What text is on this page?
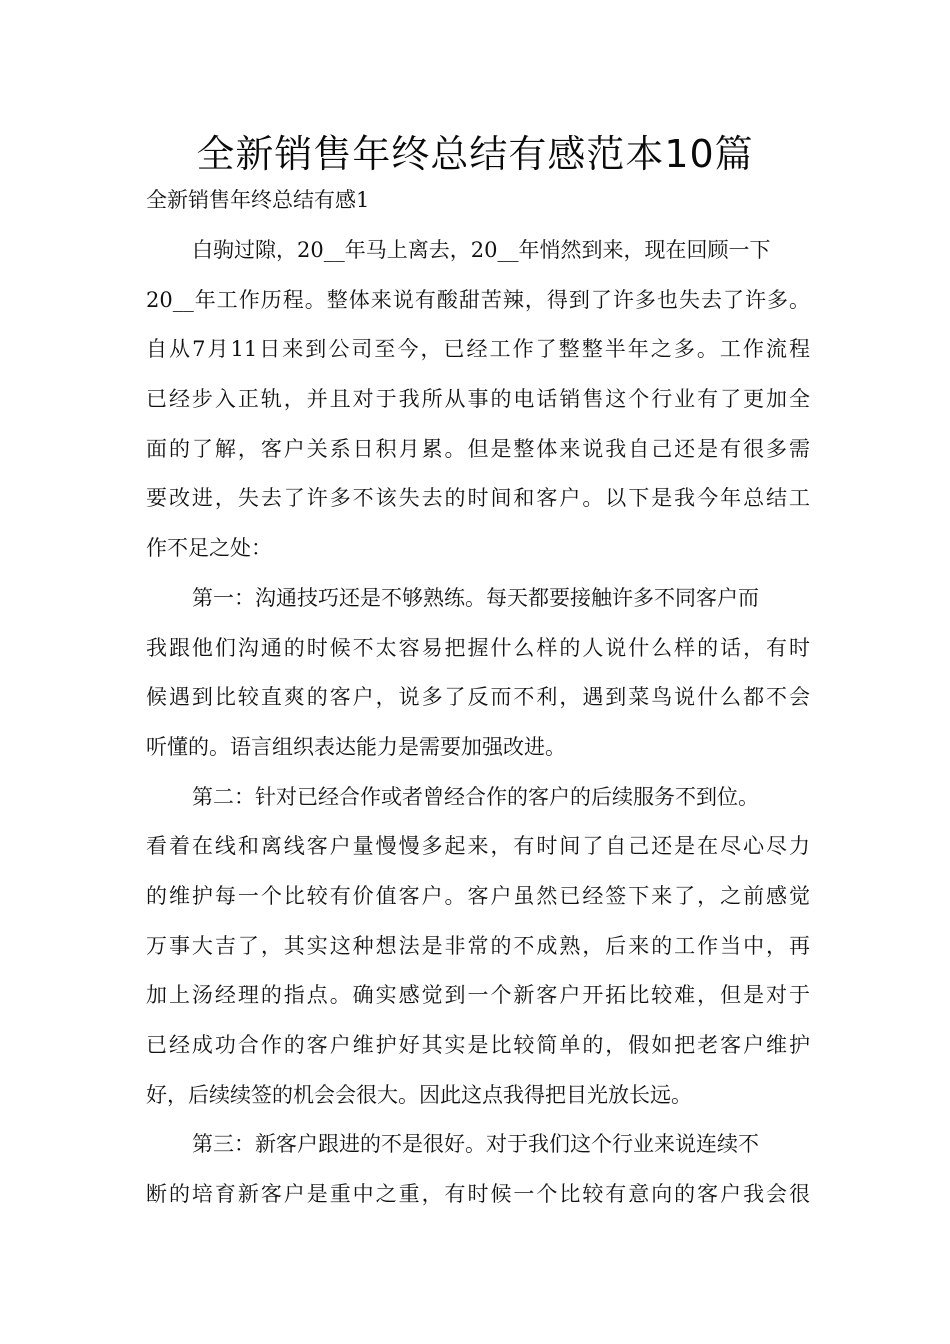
全新销售年终总结有感范本10篇
全新销售年终总结有感1
白驹过隙，20__年马上离去，20__年悄然到来，现在回顾一下
20__年工作历程。整体来说有酸甜苦辣，得到了许多也失去了许多。
自从7月11日来到公司至今，已经工作了整整半年之多。工作流程
已经步入正轨，并且对于我所从事的电话销售这个行业有了更加全
面的了解，客户关系日积月累。但是整体来说我自己还是有很多需
要改进，失去了许多不该失去的时间和客户。以下是我今年总结工
作不足之处：
第一：沟通技巧还是不够熟练。每天都要接触许多不同客户而
我跟他们沟通的时候不太容易把握什么样的人说什么样的话，有时
候遇到比较直爽的客户，说多了反而不利，遇到菜鸟说什么都不会
听懂的。语言组织表达能力是需要加强改进。
第二：针对已经合作或者曾经合作的客户的后续服务不到位。
看着在线和离线客户量慢慢多起来，有时间了自己还是在尽心尽力
的维护每一个比较有价值客户。客户虽然已经签下来了，之前感觉
万事大吉了，其实这种想法是非常的不成熟，后来的工作当中，再
加上汤经理的指点。确实感觉到一个新客户开拓比较难，但是对于
已经成功合作的客户维护好其实是比较简单的，假如把老客户维护
好，后续续签的机会会很大。因此这点我得把目光放长远。
第三：新客户跟进的不是很好。对于我们这个行业来说连续不
断的培育新客户是重中之重，有时候一个比较有意向的客户我会很
